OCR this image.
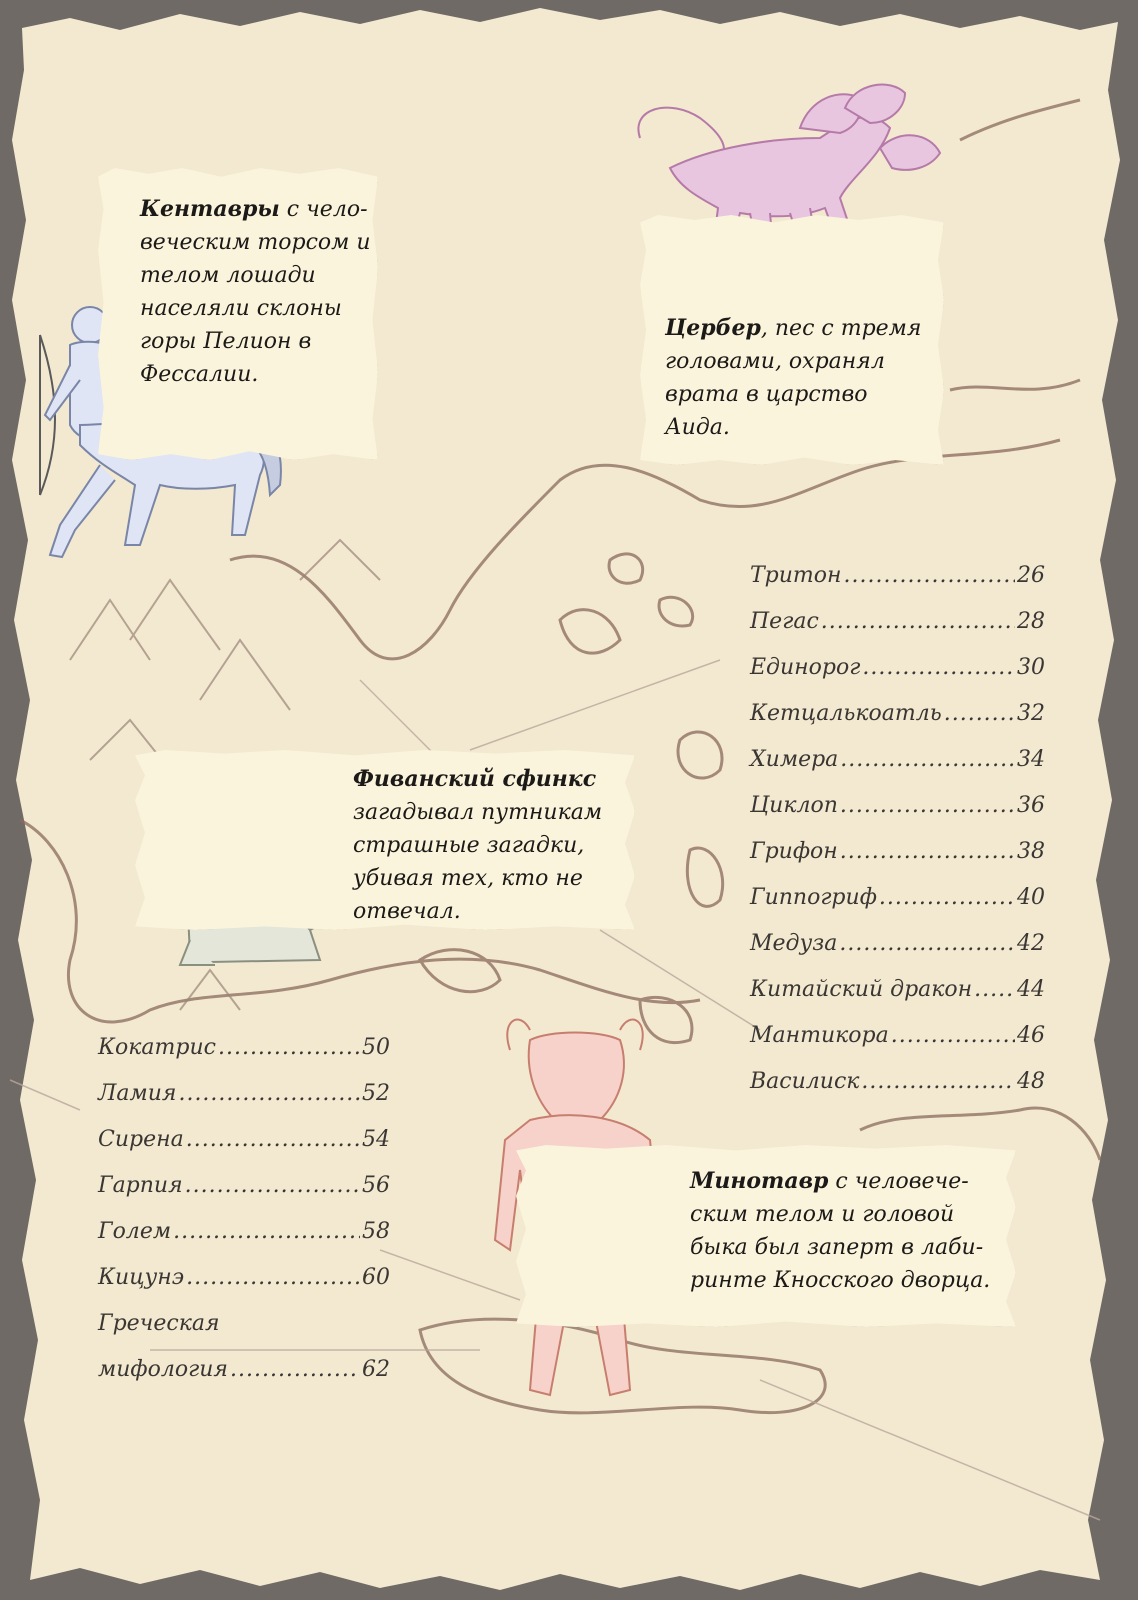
Кентавры с человеческим торсом и телом лошади населяли склоны горы Пелион в Фессалии.

Цербер, пес с тремя головами, охранял врата в царство Аида.

Фиванский сфинкс загадывал путникам страшные загадки, убивая тех, кто не отвечал.

Минотавр с человеческим телом и головой быка был заперт в лабиринте Кносского дворца.

Тритон .....	26
Пегас .....	28
Единорог .....	30
Кетцалькоатль .....	32
Химера .....	34
Циклоп .....	36
Грифон .....	38
Гиппогриф .....	40
Медуза .....	42
Китайский дракон ..... 44
Мантикора .....	46
Василиск .....	48
Кокатрис .....	50
Ламия .....	52
Сирена .....	54
Гарпия .....	56
Голем .....	58
Кицунэ .....	60
Греческая
мифология .....	62
